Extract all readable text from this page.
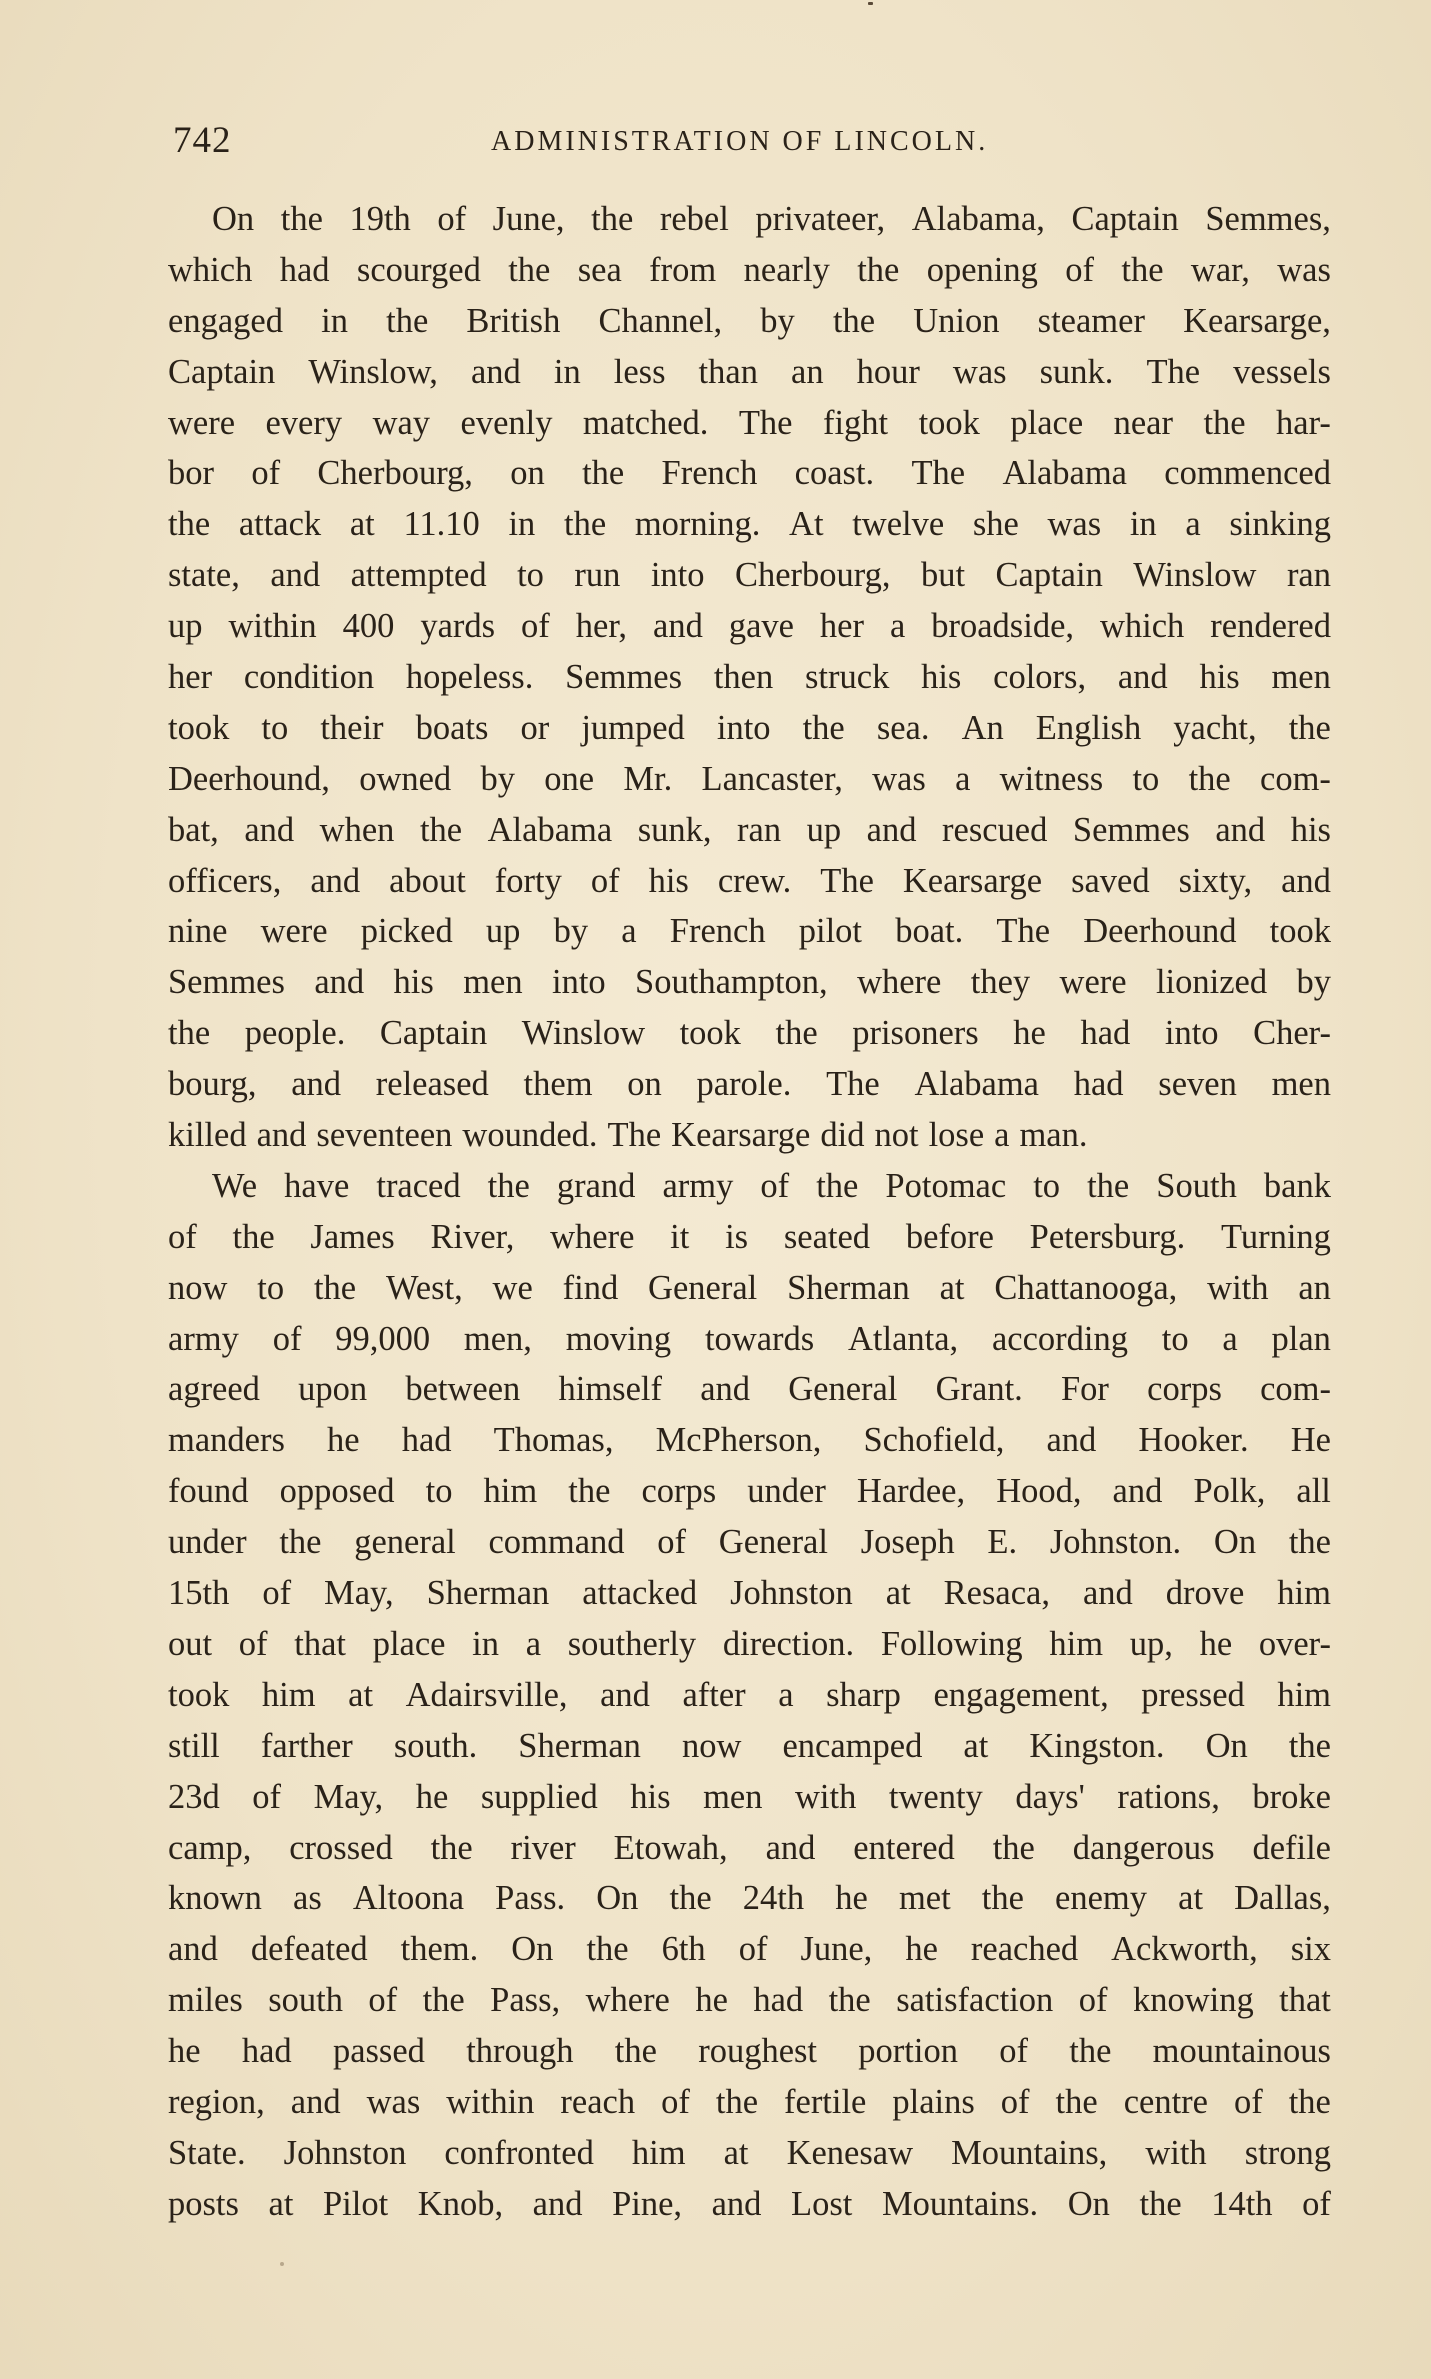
742	ADMINISTRATION OF LINCOLN.
On the 19th of June, the rebel privateer, Alabama, Captain Semmes,
which had scourged the sea from nearly the opening of the war, was
engaged in the British Channel, by the Union steamer Kearsarge,
Captain Winslow, and in less than an hour was sunk. The vessels
were every way evenly matched. The fight took place near the har-
bor of Cherbourg, on the French coast. The Alabama commenced
the attack at 11.10 in the morning. At twelve she was in a sinking
state, and attempted to run into Cherbourg, but Captain Winslow ran
up within 400 yards of her, and gave her a broadside, which rendered
her condition hopeless. Semmes then struck his colors, and his men
took to their boats or jumped into the sea. An English yacht, the
Deerhound, owned by one Mr. Lancaster, was a witness to the com-
bat, and when the Alabama sunk, ran up and rescued Semmes and his
officers, and about forty of his crew. The Kearsarge saved sixty, and
nine were picked up by a French pilot boat. The Deerhound took
Semmes and his men into Southampton, where they were lionized by
the people. Captain Winslow took the prisoners he had into Cher-
bourg, and released them on parole. The Alabama had seven men
killed and seventeen wounded. The Kearsarge did not lose a man.
We have traced the grand army of the Potomac to the South bank
of the James River, where it is seated before Petersburg. Turning
now to the West, we find General Sherman at Chattanooga, with an
army of 99,000 men, moving towards Atlanta, according to a plan
agreed upon between himself and General Grant. For corps com-
manders he had Thomas, McPherson, Schofield, and Hooker. He
found opposed to him the corps under Hardee, Hood, and Polk, all
under the general command of General Joseph E. Johnston. On the
15th of May, Sherman attacked Johnston at Resaca, and drove him
out of that place in a southerly direction. Following him up, he over-
took him at Adairsville, and after a sharp engagement, pressed him
still farther south. Sherman now encamped at Kingston. On the
23d of May, he supplied his men with twenty days' rations, broke
camp, crossed the river Etowah, and entered the dangerous defile
known as Altoona Pass. On the 24th he met the enemy at Dallas,
and defeated them. On the 6th of June, he reached Ackworth, six
miles south of the Pass, where he had the satisfaction of knowing that
he had passed through the roughest portion of the mountainous
region, and was within reach of the fertile plains of the centre of the
State. Johnston confronted him at Kenesaw Mountains, with strong
posts at Pilot Knob, and Pine, and Lost Mountains. On the 14th of
